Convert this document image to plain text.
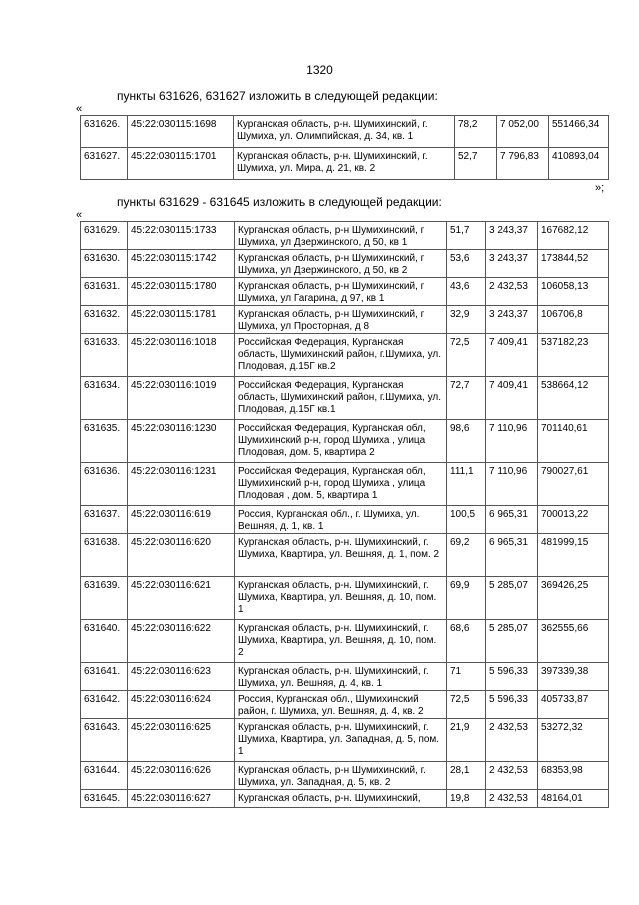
1320
пункты 631626, 631627 изложить в следующей редакции:
«
631626.	45:22:030115:1698	Курганская область, р-н. Шумихинский, г. Шумиха, ул. Олимпийская, д. 34, кв. 1	78,2	7 052,00	551466,34
631627.	45:22:030115:1701	Курганская область, р-н. Шумихинский, г. Шумиха, ул. Мира, д. 21, кв. 2	52,7	7 796,83	410893,04
»;
пункты 631629 - 631645 изложить в следующей редакции:
«
631629.	45:22:030115:1733	Курганская область, р-н Шумихинский, г Шумиха, ул Дзержинского, д 50, кв 1	51,7	3 243,37	167682,12
631630.	45:22:030115:1742	Курганская область, р-н Шумихинский, г Шумиха, ул Дзержинского, д 50, кв 2	53,6	3 243,37	173844,52
631631.	45:22:030115:1780	Курганская область, р-н Шумихинский, г Шумиха, ул Гагарина, д 97, кв 1	43,6	2 432,53	106058,13
631632.	45:22:030115:1781	Курганская область, р-н Шумихинский, г Шумиха, ул Просторная, д 8	32,9	3 243,37	106706,8
631633.	45:22:030116:1018	Российская Федерация, Курганская область, Шумихинский район, г.Шумиха, ул. Плодовая, д.15Г кв.2	72,5	7 409,41	537182,23
631634.	45:22:030116:1019	Российская Федерация, Курганская область, Шумихинский район, г.Шумиха, ул. Плодовая, д.15Г кв.1	72,7	7 409,41	538664,12
631635.	45:22:030116:1230	Российская Федерация, Курганская обл, Шумихинский р-н, город Шумиха , улица Плодовая, дом. 5, квартира 2	98,6	7 110,96	701140,61
631636.	45:22:030116:1231	Российская Федерация, Курганская обл, Шумихинский р-н, город Шумиха , улица Плодовая , дом. 5, квартира 1	111,1	7 110,96	790027,61
631637.	45:22:030116:619	Россия, Курганская обл., г. Шумиха, ул. Вешняя, д. 1, кв. 1	100,5	6 965,31	700013,22
631638.	45:22:030116:620	Курганская область, р-н. Шумихинский, г. Шумиха, Квартира, ул. Вешняя, д. 1, пом. 2	69,2	6 965,31	481999,15
631639.	45:22:030116:621	Курганская область, р-н. Шумихинский, г. Шумиха, Квартира, ул. Вешняя, д. 10, пом. 1	69,9	5 285,07	369426,25
631640.	45:22:030116:622	Курганская область, р-н. Шумихинский, г. Шумиха, Квартира, ул. Вешняя, д. 10, пом. 2	68,6	5 285,07	362555,66
631641.	45:22:030116:623	Курганская область, р-н. Шумихинский, г. Шумиха, ул. Вешняя, д. 4, кв. 1	71	5 596,33	397339,38
631642.	45:22:030116:624	Россия, Курганская обл., Шумихинский район, г. Шумиха, ул. Вешняя, д. 4, кв. 2	72,5	5 596,33	405733,87
631643.	45:22:030116:625	Курганская область, р-н. Шумихинский, г. Шумиха, Квартира, ул. Западная, д. 5, пом. 1	21,9	2 432,53	53272,32
631644.	45:22:030116:626	Курганская область, р-н Шумихинский, г. Шумиха, ул. Западная, д. 5, кв. 2	28,1	2 432,53	68353,98
631645.	45:22:030116:627	Курганская область, р-н. Шумихинский,	19,8	2 432,53	48164,01
